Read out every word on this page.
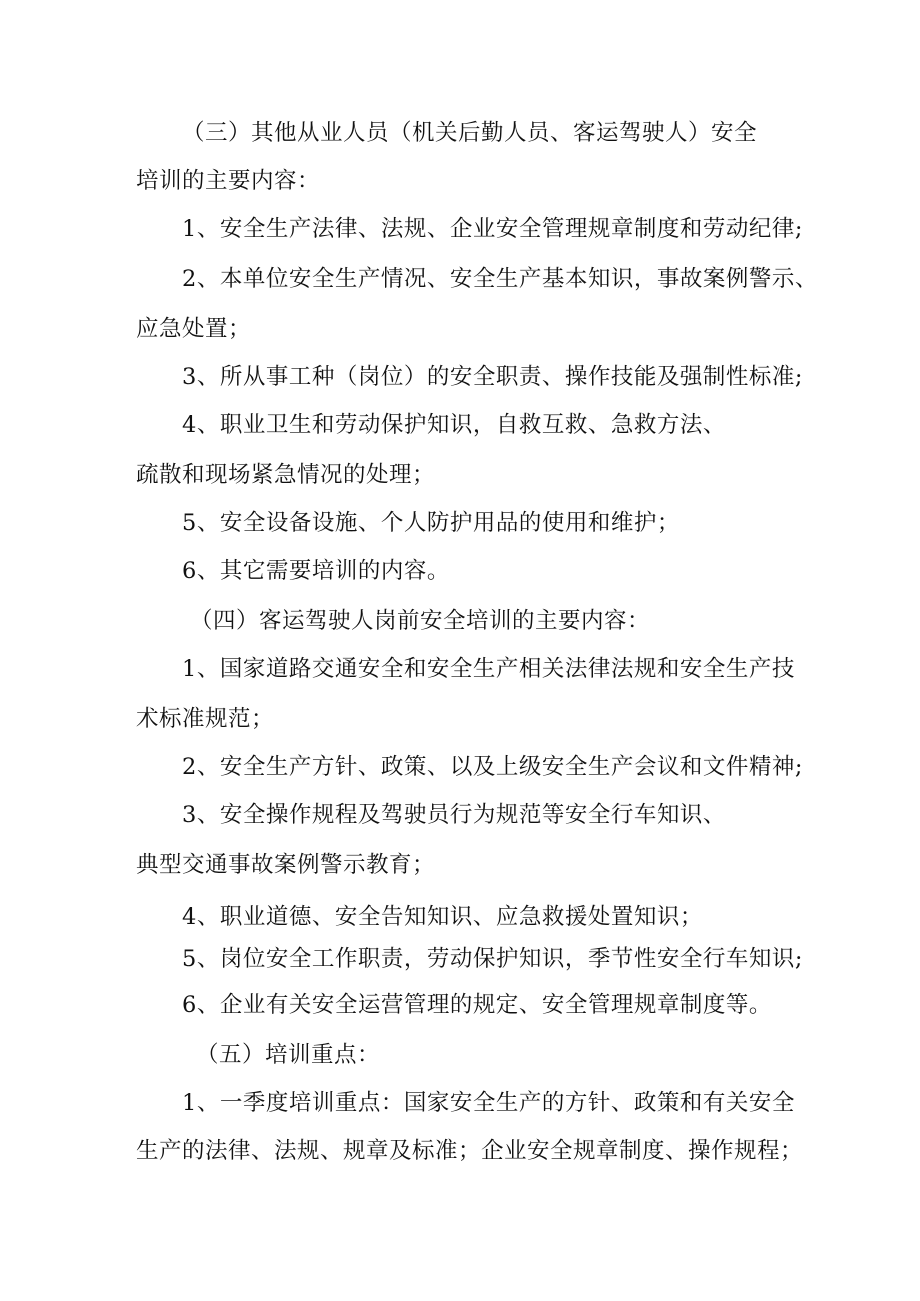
（三）其他从业人员（机关后勤人员、客运驾驶人）安全
培训的主要内容：
1、安全生产法律、法规、企业安全管理规章制度和劳动纪律;
2、本单位安全生产情况、安全生产基本知识，事故案例警示、
应急处置；
3、所从事工种（岗位）的安全职责、操作技能及强制性标准;
4、职业卫生和劳动保护知识，自救互救、急救方法、
疏散和现场紧急情况的处理；
5、安全设备设施、个人防护用品的使用和维护；
6、其它需要培训的内容。
（四）客运驾驶人岗前安全培训的主要内容：
1、国家道路交通安全和安全生产相关法律法规和安全生产技
术标准规范；
2、安全生产方针、政策、以及上级安全生产会议和文件精神;
3、安全操作规程及驾驶员行为规范等安全行车知识、
典型交通事故案例警示教育；
4、职业道德、安全告知知识、应急救援处置知识；
5、岗位安全工作职责，劳动保护知识，季节性安全行车知识;
6、企业有关安全运营管理的规定、安全管理规章制度等。
（五）培训重点：
1、一季度培训重点：国家安全生产的方针、政策和有关安全
生产的法律、法规、规章及标准；企业安全规章制度、操作规程；
